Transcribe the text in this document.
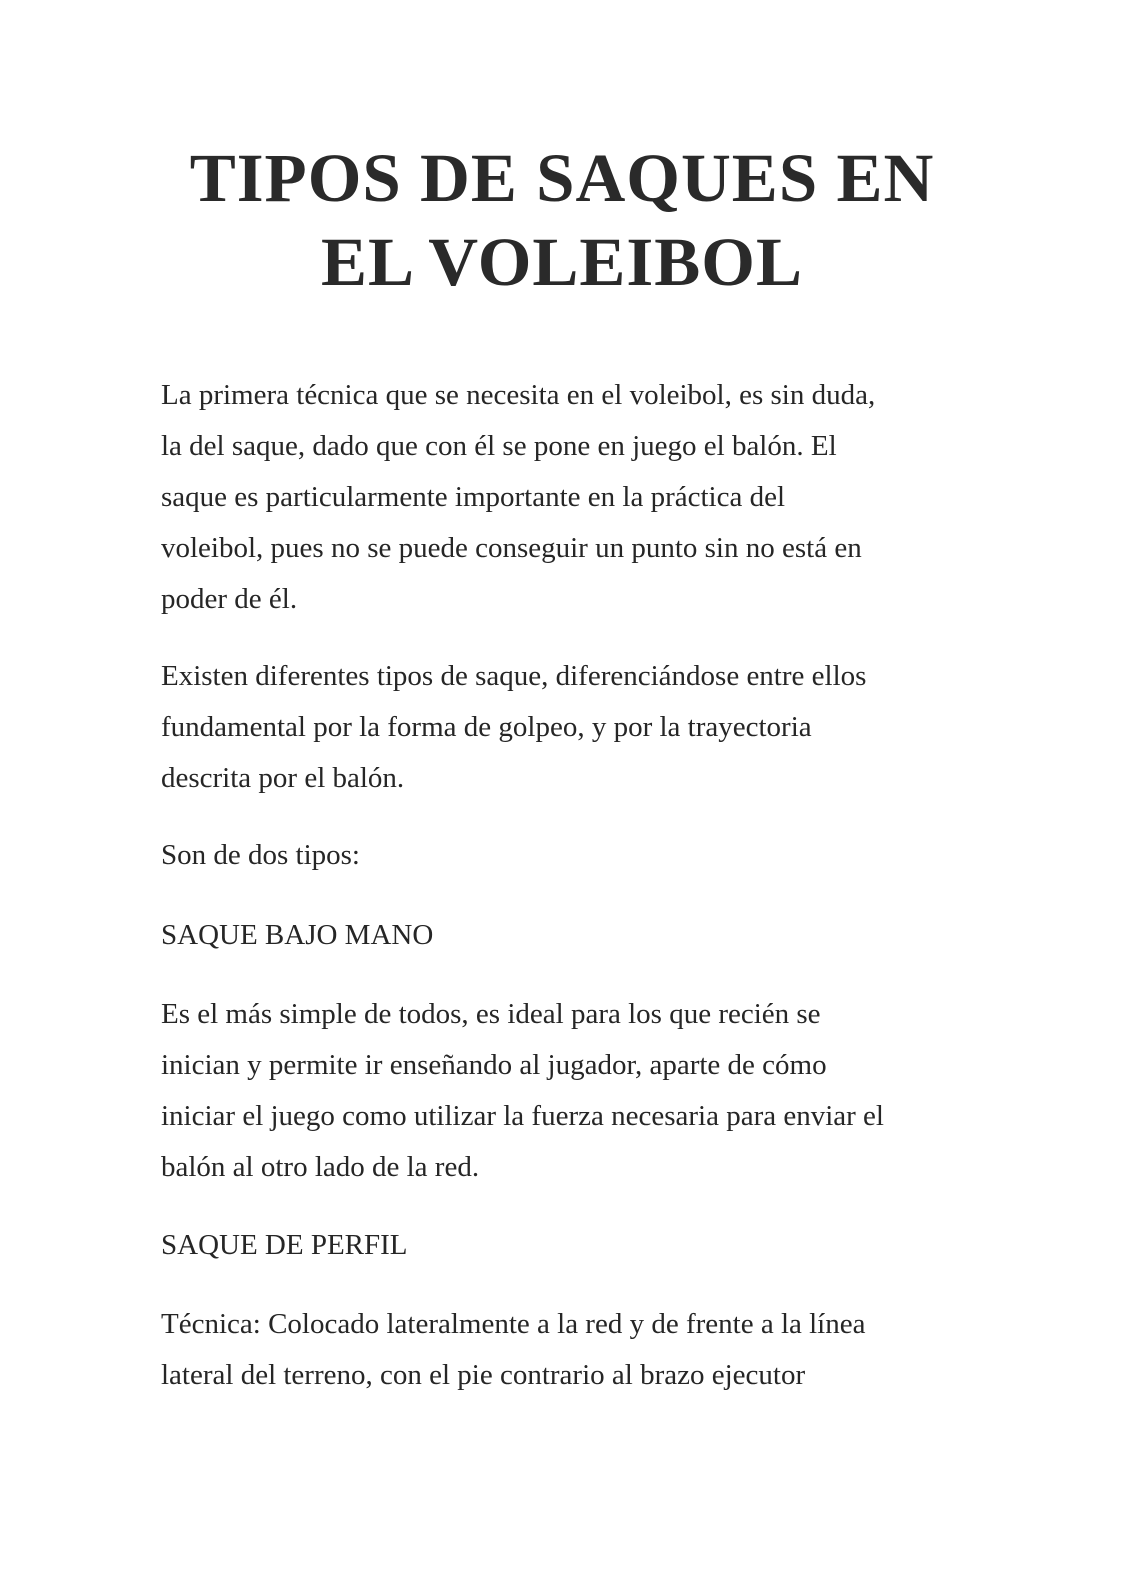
TIPOS DE SAQUES EN
EL VOLEIBOL

La primera técnica que se necesita en el voleibol, es sin duda,
la del saque, dado que con él se pone en juego el balón. El
saque es particularmente importante en la práctica del
voleibol, pues no se puede conseguir un punto sin no está en
poder de él.

Existen diferentes tipos de saque, diferenciándose entre ellos
fundamental por la forma de golpeo, y por la trayectoria
descrita por el balón.

Son de dos tipos:

SAQUE BAJO MANO

Es el más simple de todos, es ideal para los que recién se
inician y permite ir enseñando al jugador, aparte de cómo
iniciar el juego como utilizar la fuerza necesaria para enviar el
balón al otro lado de la red.

SAQUE DE PERFIL

Técnica: Colocado lateralmente a la red y de frente a la línea
lateral del terreno, con el pie contrario al brazo ejecutor
